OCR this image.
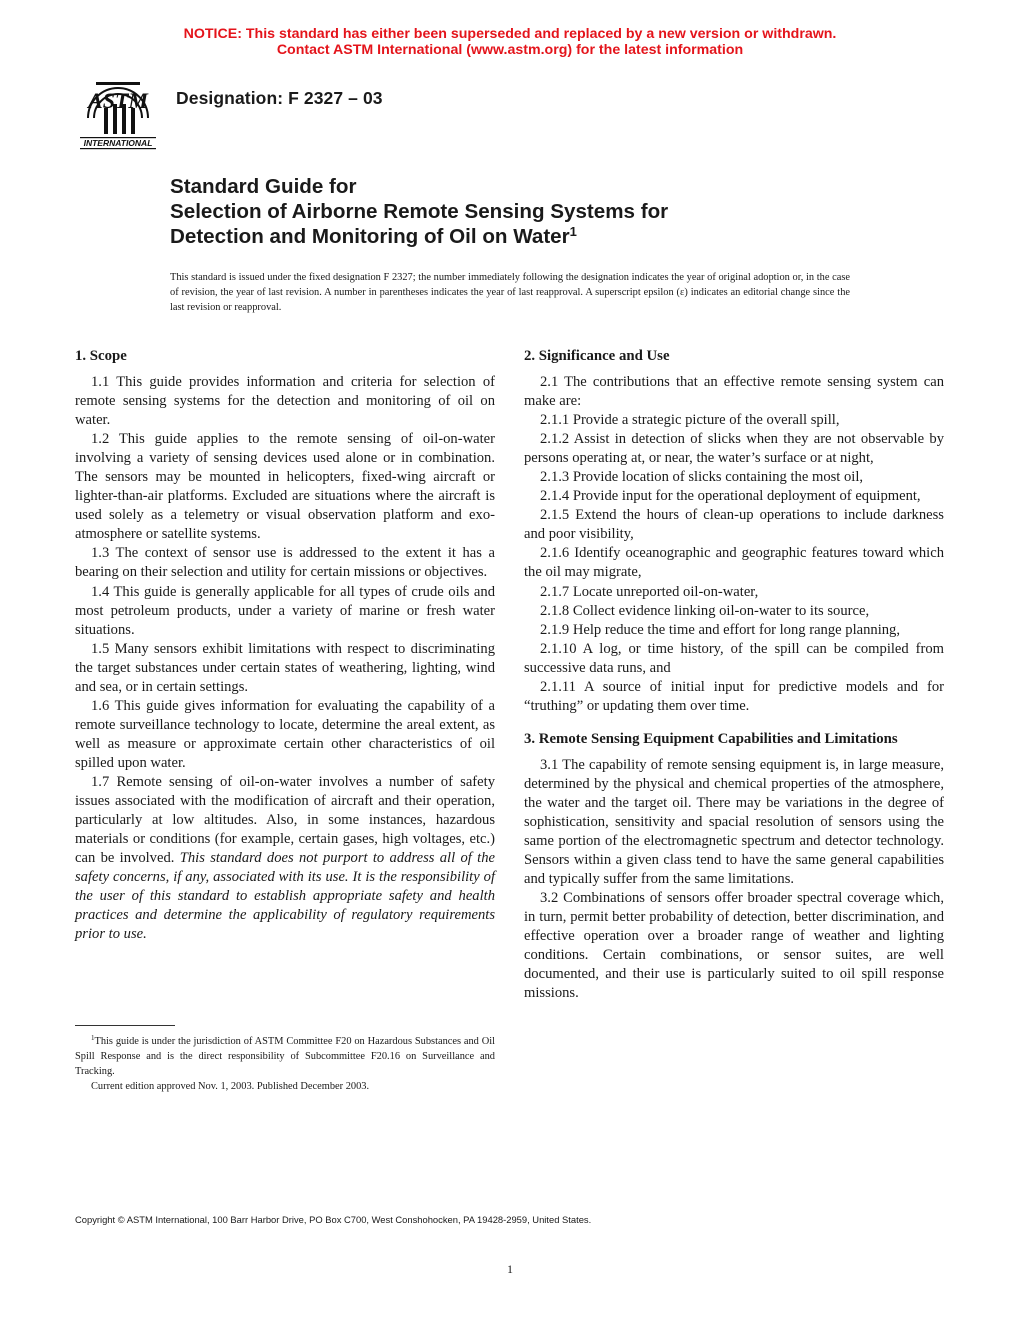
NOTICE: This standard has either been superseded and replaced by a new version or withdrawn.
Contact ASTM International (www.astm.org) for the latest information
ASTM
INTERNATIONAL
Designation: F 2327 – 03
Standard Guide for
Selection of Airborne Remote Sensing Systems for
Detection and Monitoring of Oil on Water$^1$
This standard is issued under the fixed designation F 2327; the number immediately following the designation indicates the year of original adoption or, in the case of revision, the year of last revision. A number in parentheses indicates the year of last reapproval. A superscript epsilon (ε) indicates an editorial change since the last revision or reapproval.
1. Scope

1.1 This guide provides information and criteria for selection of remote sensing systems for the detection and monitoring of oil on water.

1.2 This guide applies to the remote sensing of oil-on-water involving a variety of sensing devices used alone or in combination. The sensors may be mounted in helicopters, fixed-wing aircraft or lighter-than-air platforms. Excluded are situations where the aircraft is used solely as a telemetry or visual observation platform and exo-atmosphere or satellite systems.

1.3 The context of sensor use is addressed to the extent it has a bearing on their selection and utility for certain missions or objectives.

1.4 This guide is generally applicable for all types of crude oils and most petroleum products, under a variety of marine or fresh water situations.

1.5 Many sensors exhibit limitations with respect to discriminating the target substances under certain states of weathering, lighting, wind and sea, or in certain settings.

1.6 This guide gives information for evaluating the capability of a remote surveillance technology to locate, determine the areal extent, as well as measure or approximate certain other characteristics of oil spilled upon water.

1.7 Remote sensing of oil-on-water involves a number of safety issues associated with the modification of aircraft and their operation, particularly at low altitudes. Also, in some instances, hazardous materials or conditions (for example, certain gases, high voltages, etc.) can be involved. This standard does not purport to address all of the safety concerns, if any, associated with its use. It is the responsibility of the user of this standard to establish appropriate safety and health practices and determine the applicability of regulatory requirements prior to use.

$^1$This guide is under the jurisdiction of ASTM Committee F20 on Hazardous Substances and Oil Spill Response and is the direct responsibility of Subcommittee F20.16 on Surveillance and Tracking.

Current edition approved Nov. 1, 2003. Published December 2003.

2. Significance and Use

2.1 The contributions that an effective remote sensing system can make are:

2.1.1 Provide a strategic picture of the overall spill,

2.1.2 Assist in detection of slicks when they are not observable by persons operating at, or near, the water’s surface or at night,

2.1.3 Provide location of slicks containing the most oil,

2.1.4 Provide input for the operational deployment of equipment,

2.1.5 Extend the hours of clean-up operations to include darkness and poor visibility,

2.1.6 Identify oceanographic and geographic features toward which the oil may migrate,

2.1.7 Locate unreported oil-on-water,

2.1.8 Collect evidence linking oil-on-water to its source,

2.1.9 Help reduce the time and effort for long range planning,

2.1.10 A log, or time history, of the spill can be compiled from successive data runs, and

2.1.11 A source of initial input for predictive models and for “truthing” or updating them over time.

3. Remote Sensing Equipment Capabilities and Limitations

3.1 The capability of remote sensing equipment is, in large measure, determined by the physical and chemical properties of the atmosphere, the water and the target oil. There may be variations in the degree of sophistication, sensitivity and spacial resolution of sensors using the same portion of the electromagnetic spectrum and detector technology. Sensors within a given class tend to have the same general capabilities and typically suffer from the same limitations.

3.2 Combinations of sensors offer broader spectral coverage which, in turn, permit better probability of detection, better discrimination, and effective operation over a broader range of weather and lighting conditions. Certain combinations, or sensor suites, are well documented, and their use is particularly suited to oil spill response missions.

Copyright © ASTM International, 100 Barr Harbor Drive, PO Box C700, West Conshohocken, PA 19428-2959, United States.
1
